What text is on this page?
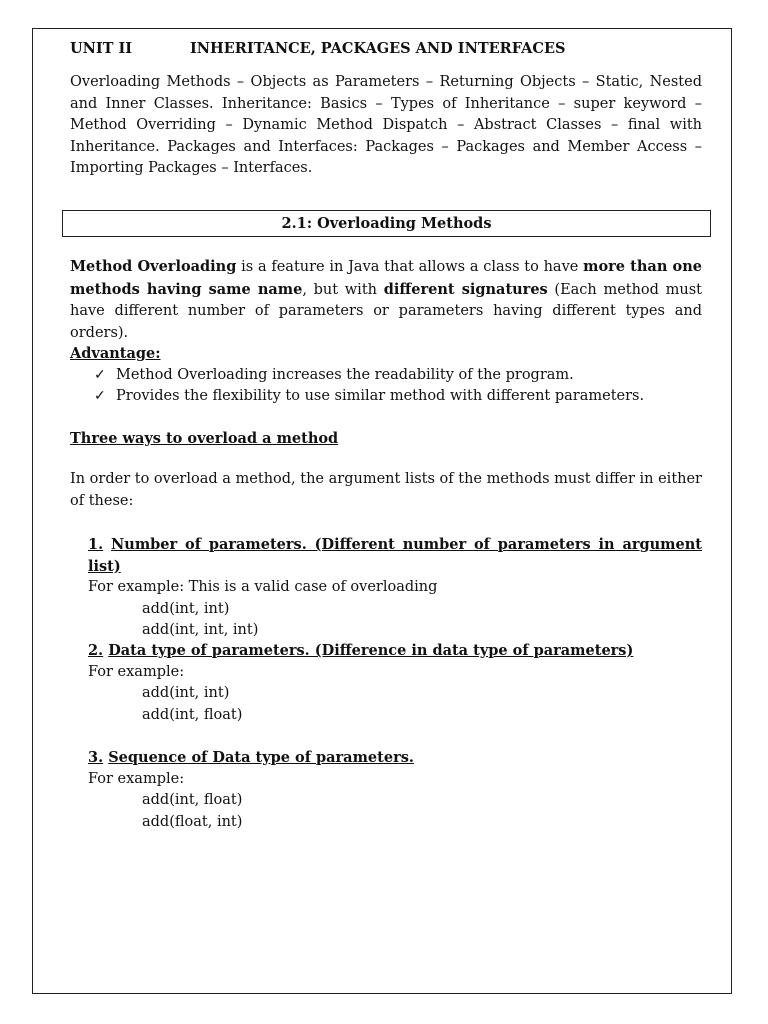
UNIT II	INHERITANCE, PACKAGES AND INTERFACES
Overloading Methods – Objects as Parameters – Returning Objects – Static, Nested and Inner Classes. Inheritance: Basics – Types of Inheritance – super keyword – Method Overriding – Dynamic Method Dispatch – Abstract Classes – final with Inheritance. Packages and Interfaces: Packages – Packages and Member Access – Importing Packages – Interfaces.
2.1: Overloading Methods
Method Overloading is a feature in Java that allows a class to have more than one methods having same name, but with different signatures (Each method must have different number of parameters or parameters having different types and orders).
Advantage:
✓ Method Overloading increases the readability of the program.
✓ Provides the flexibility to use similar method with different parameters.
Three ways to overload a method
In order to overload a method, the argument lists of the methods must differ in either of these:
1. Number of parameters. (Different number of parameters in argument list)
For example: This is a valid case of overloading
add(int, int)
add(int, int, int)
2. Data type of parameters. (Difference in data type of parameters)
For example:
add(int, int)
add(int, float)
3. Sequence of Data type of parameters.
For example:
add(int, float)
add(float, int)
